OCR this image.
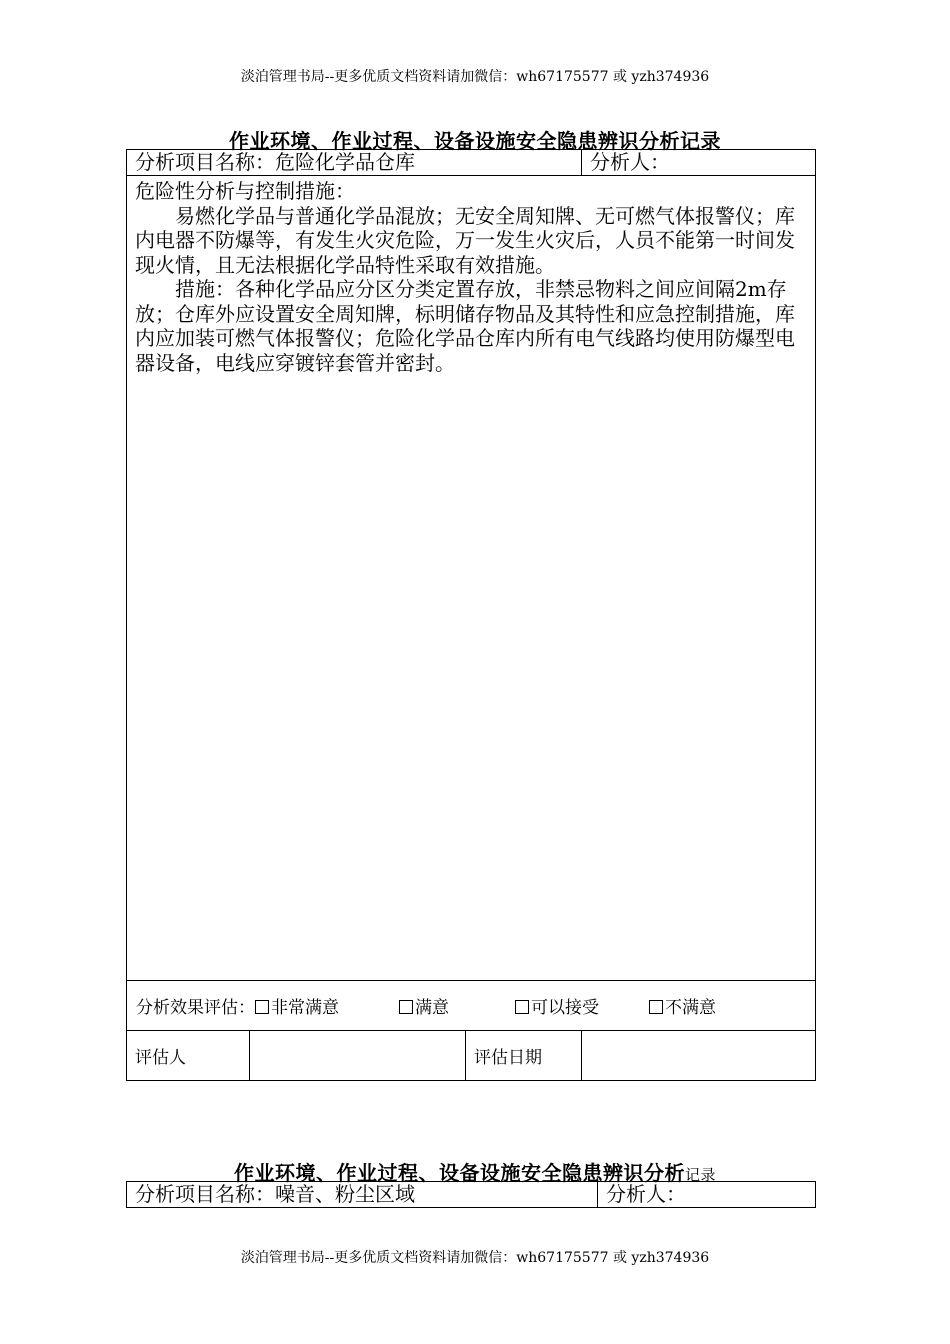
淡泊管理书局--更多优质文档资料请加微信：wh67175577 或 yzh374936
作业环境、作业过程、设备设施安全隐患辨识分析记录
分析项目名称：危险化学品仓库			分析人：

危险性分析与控制措施：

易燃化学品与普通化学品混放；无安全周知牌、无可燃气体报警仪；库内电器不防爆等，有发生火灾危险，万一发生火灾后，人员不能第一时间发现火情，且无法根据化学品特性采取有效措施。

措施：各种化学品应分区分类定置存放，非禁忌物料之间应间隔2m存放；仓库外应设置安全周知牌，标明储存物品及其特性和应急控制措施，库内应加装可燃气体报警仪；危险化学品仓库内所有电气线路均使用防爆型电器设备，电线应穿镀锌套管并密封。			

分析效果评估： 非常满意 满意 可以接受 不满意			
评估人		评估日期	
作业环境、作业过程、设备设施安全隐患辨识分析记录
分析项目名称：噪音、粉尘区域	分析人：
淡泊管理书局--更多优质文档资料请加微信：wh67175577 或 yzh374936
